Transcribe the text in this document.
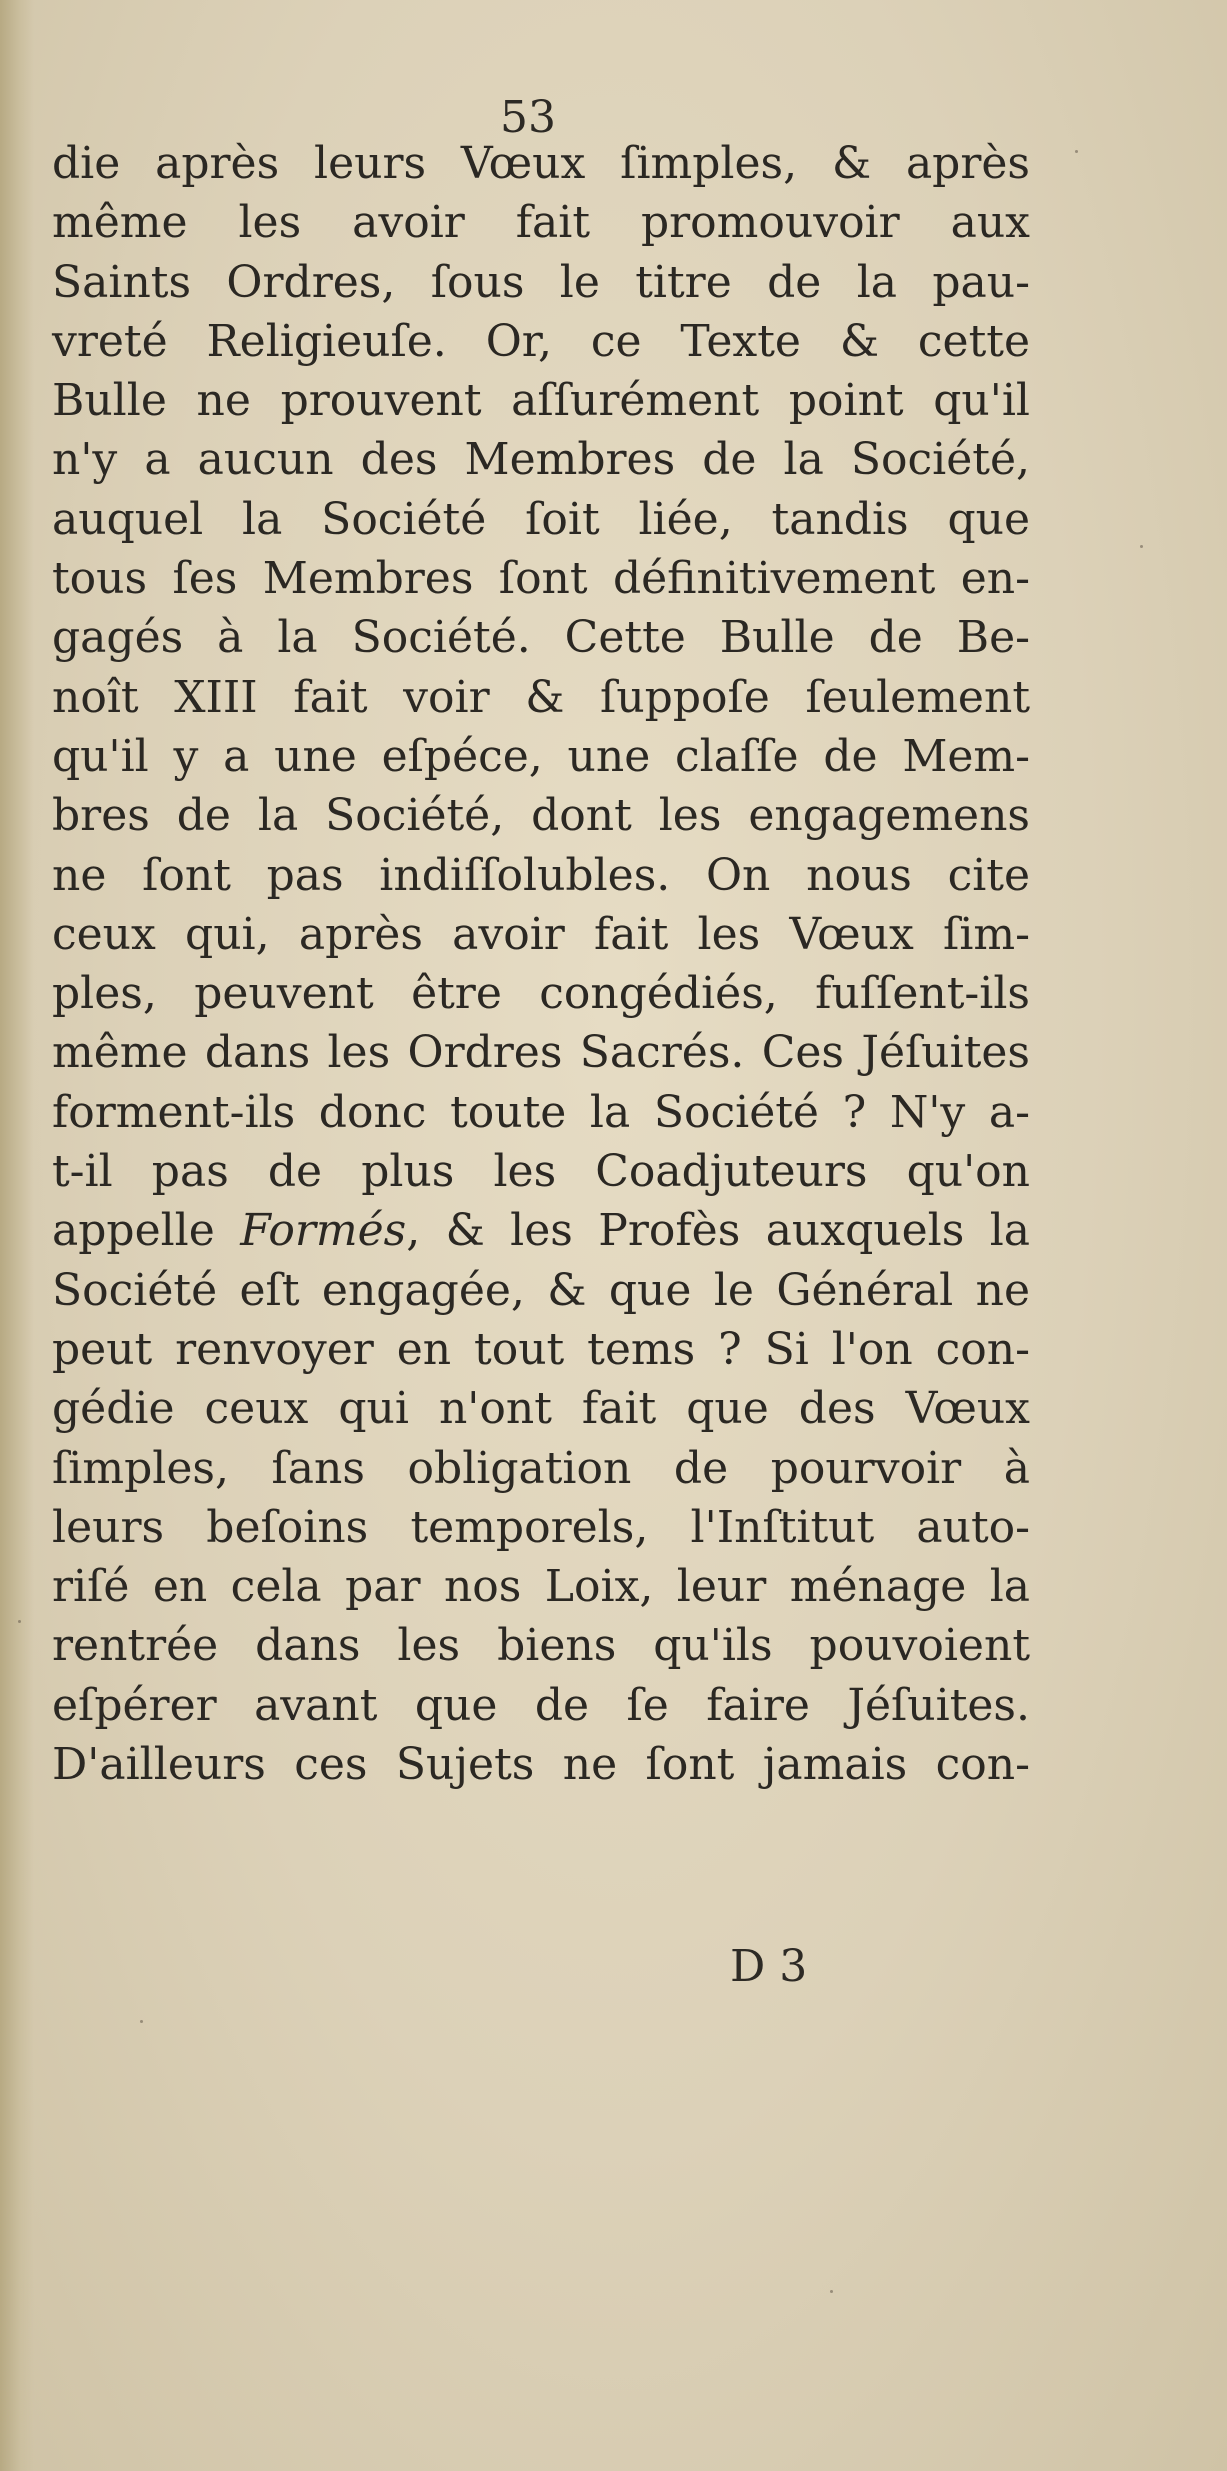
53
die après leurs Vœux ſimples, & après
même les avoir fait promouvoir aux
Saints Ordres, ſous le titre de la pau-
vreté Religieuſe. Or, ce Texte & cette
Bulle ne prouvent aſſurément point qu'il
n'y a aucun des Membres de la Société,
auquel la Société ſoit liée, tandis que
tous ſes Membres ſont définitivement en-
gagés à la Société. Cette Bulle de Be-
noît XIII fait voir & ſuppoſe ſeulement
qu'il y a une eſpéce, une claſſe de Mem-
bres de la Société, dont les engagemens
ne ſont pas indiſſolubles. On nous cite
ceux qui, après avoir fait les Vœux ſim-
ples, peuvent être congédiés, fuſſent-ils
même dans les Ordres Sacrés. Ces Jéſuites
forment-ils donc toute la Société ? N'y a-
t-il pas de plus les Coadjuteurs qu'on
appelle Formés, & les Profès auxquels la
Société eſt engagée, & que le Général ne
peut renvoyer en tout tems ? Si l'on con-
gédie ceux qui n'ont fait que des Vœux
ſimples, ſans obligation de pourvoir à
leurs beſoins temporels, l'Inſtitut auto-
riſé en cela par nos Loix, leur ménage la
rentrée dans les biens qu'ils pouvoient
eſpérer avant que de ſe faire Jéſuites.
D'ailleurs ces Sujets ne ſont jamais con-
D 3
